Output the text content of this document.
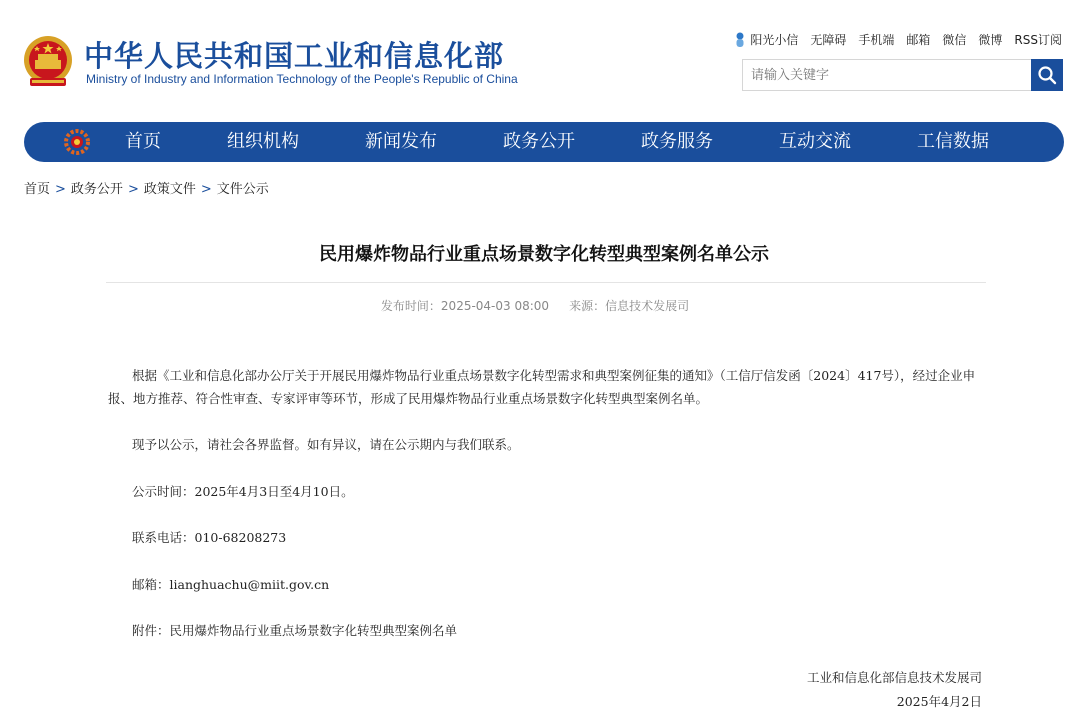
中华人民共和国工业和信息化部
Ministry of Industry and Information Technology of the People's Republic of China
阳光小信 无障碍 手机端 邮箱 微信 微博 RSS订阅
请输入关键字
首页	组织机构	新闻发布	政务公开	政务服务	互动交流	工信数据
首页 > 政务公开 > 政策文件 > 文件公示
民用爆炸物品行业重点场景数字化转型典型案例名单公示
发布时间：2025-04-03 08:00 来源：信息技术发展司
根据《工业和信息化部办公厅关于开展民用爆炸物品行业重点场景数字化转型需求和典型案例征集的通知》（工信厅信发函〔2024〕417号），经过企业申报、地方推荐、符合性审查、专家评审等环节，形成了民用爆炸物品行业重点场景数字化转型典型案例名单。
现予以公示，请社会各界监督。如有异议，请在公示期内与我们联系。
公示时间：2025年4月3日至4月10日。
联系电话：010-68208273
邮箱：lianghuachu@miit.gov.cn
附件：民用爆炸物品行业重点场景数字化转型典型案例名单
工业和信息化部信息技术发展司
2025年4月2日
